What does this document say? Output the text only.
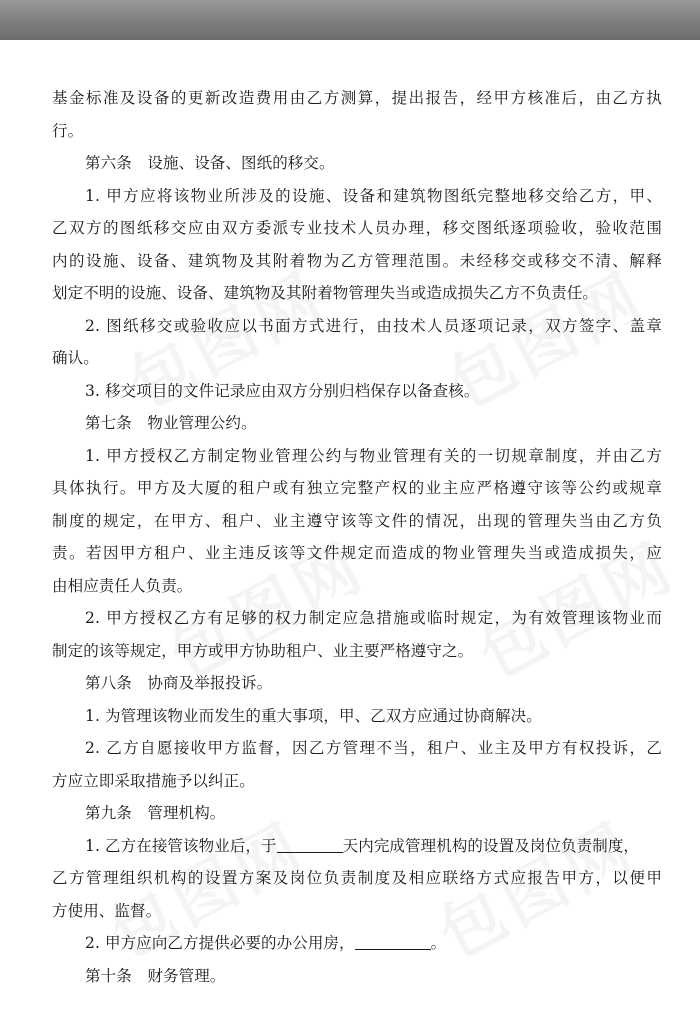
基金标准及设备的更新改造费用由乙方测算，提出报告，经甲方核准后，由乙方执
行。
第六条　设施、设备、图纸的移交。
1. 甲方应将该物业所涉及的设施、设备和建筑物图纸完整地移交给乙方，甲、
乙双方的图纸移交应由双方委派专业技术人员办理，移交图纸逐项验收，验收范围
内的设施、设备、建筑物及其附着物为乙方管理范围。未经移交或移交不清、解释
划定不明的设施、设备、建筑物及其附着物管理失当或造成损失乙方不负责任。
2. 图纸移交或验收应以书面方式进行，由技术人员逐项记录，双方签字、盖章
确认。
3. 移交项目的文件记录应由双方分别归档保存以备查核。
第七条　物业管理公约。
1. 甲方授权乙方制定物业管理公约与物业管理有关的一切规章制度，并由乙方
具体执行。甲方及大厦的租户或有独立完整产权的业主应严格遵守该等公约或规章
制度的规定，在甲方、租户、业主遵守该等文件的情况，出现的管理失当由乙方负
责。若因甲方租户、业主违反该等文件规定而造成的物业管理失当或造成损失，应
由相应责任人负责。
2. 甲方授权乙方有足够的权力制定应急措施或临时规定，为有效管理该物业而
制定的该等规定，甲方或甲方协助租户、业主要严格遵守之。
第八条　协商及举报投诉。
1. 为管理该物业而发生的重大事项，甲、乙双方应通过协商解决。
2. 乙方自愿接收甲方监督，因乙方管理不当，租户、业主及甲方有权投诉，乙
方应立即采取措施予以纠正。
第九条　管理机构。
1. 乙方在接管该物业后，于	天内完成管理机构的设置及岗位负责制度，
乙方管理组织机构的设置方案及岗位负责制度及相应联络方式应报告甲方，以便甲
方使用、监督。
2. 甲方应向乙方提供必要的办公用房，	。
第十条　财务管理。
